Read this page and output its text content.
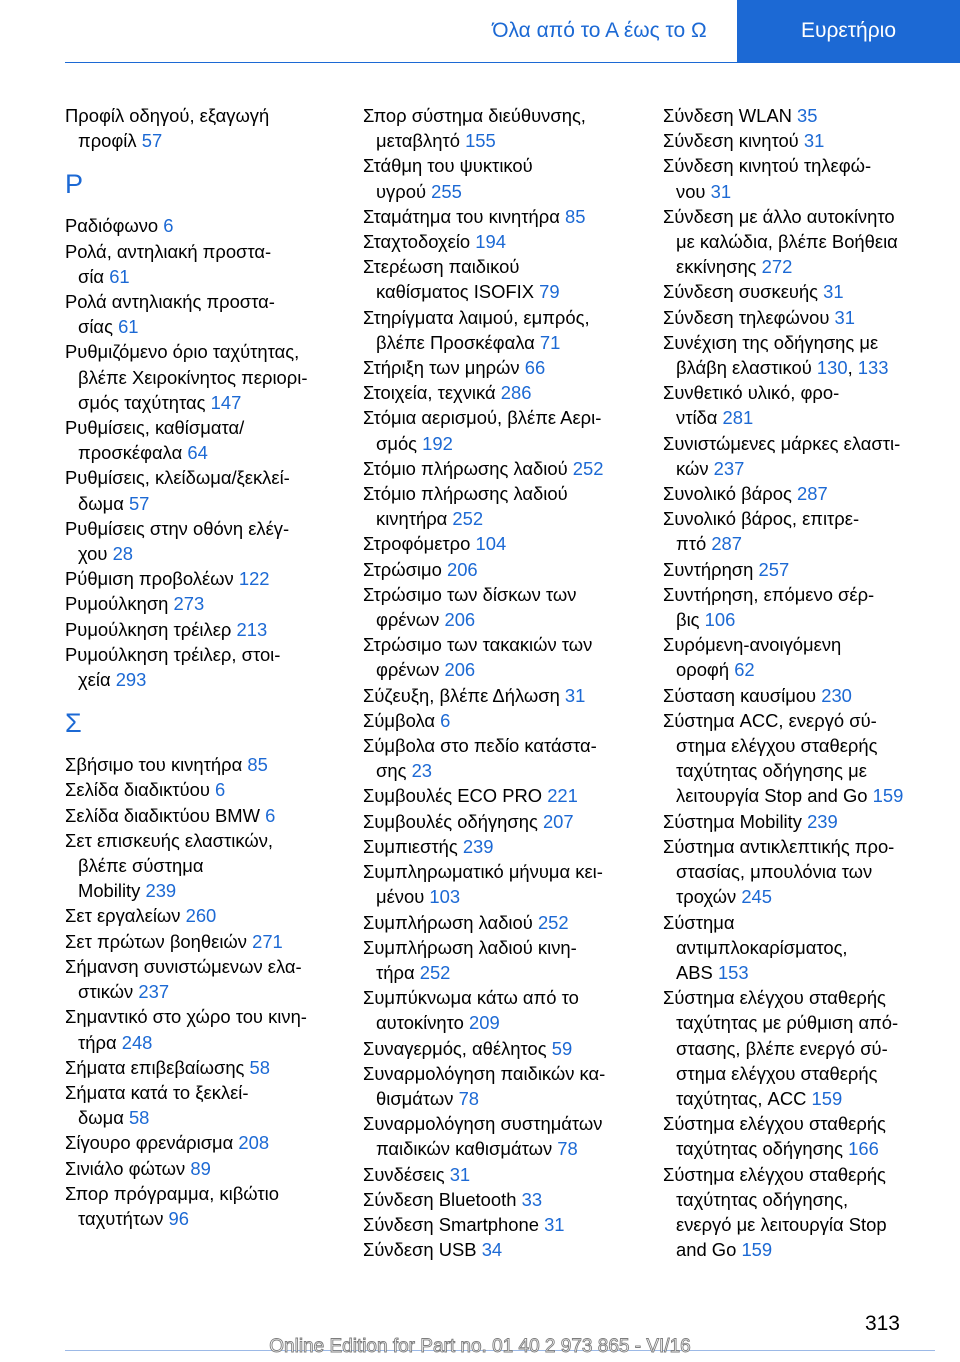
Όλα από το Α έως το Ω	Ευρετήριο
Προφίλ οδηγού, εξαγωγή
προφίλ 57
Ρ
Ραδιόφωνο 6
Ρολά, αντηλιακή προστα-
σία 61
Ρολά αντηλιακής προστα-
σίας 61
Ρυθμιζόμενο όριο ταχύτητας,
βλέπε Χειροκίνητος περιορι-
σμός ταχύτητας 147
Ρυθμίσεις, καθίσματα/
προσκέφαλα 64
Ρυθμίσεις, κλείδωμα/ξεκλεί-
δωμα 57
Ρυθμίσεις στην οθόνη ελέγ-
χου 28
Ρύθμιση προβολέων 122
Ρυμούλκηση 273
Ρυμούλκηση τρέιλερ 213
Ρυμούλκηση τρέιλερ, στοι-
χεία 293
Σ
Σβήσιμο του κινητήρα 85
Σελίδα διαδικτύου 6
Σελίδα διαδικτύου BMW 6
Σετ επισκευής ελαστικών,
βλέπε σύστημα
Mobility 239
Σετ εργαλείων 260
Σετ πρώτων βοηθειών 271
Σήμανση συνιστώμενων ελα-
στικών 237
Σημαντικό στο χώρο του κινη-
τήρα 248
Σήματα επιβεβαίωσης 58
Σήματα κατά το ξεκλεί-
δωμα 58
Σίγουρο φρενάρισμα 208
Σινιάλο φώτων 89
Σπορ πρόγραμμα, κιβώτιο
ταχυτήτων 96
Σπορ σύστημα διεύθυνσης,
μεταβλητό 155
Στάθμη του ψυκτικού
υγρού 255
Σταμάτημα του κινητήρα 85
Σταχτοδοχείο 194
Στερέωση παιδικού
καθίσματος ISOFIX 79
Στηρίγματα λαιμού, εμπρός,
βλέπε Προσκέφαλα 71
Στήριξη των μηρών 66
Στοιχεία, τεχνικά 286
Στόμια αερισμού, βλέπε Αερι-
σμός 192
Στόμιο πλήρωσης λαδιού 252
Στόμιο πλήρωσης λαδιού
κινητήρα 252
Στροφόμετρο 104
Στρώσιμο 206
Στρώσιμο των δίσκων των
φρένων 206
Στρώσιμο των τακακιών των
φρένων 206
Σύζευξη, βλέπε Δήλωση 31
Σύμβολα 6
Σύμβολα στο πεδίο κατάστα-
σης 23
Συμβουλές ECO PRO 221
Συμβουλές οδήγησης 207
Συμπιεστής 239
Συμπληρωματικό μήνυμα κει-
μένου 103
Συμπλήρωση λαδιού 252
Συμπλήρωση λαδιού κινη-
τήρα 252
Συμπύκνωμα κάτω από το
αυτοκίνητο 209
Συναγερμός, αθέλητος 59
Συναρμολόγηση παιδικών κα-
θισμάτων 78
Συναρμολόγηση συστημάτων
παιδικών καθισμάτων 78
Συνδέσεις 31
Σύνδεση Bluetooth 33
Σύνδεση Smartphone 31
Σύνδεση USB 34
Σύνδεση WLAN 35
Σύνδεση κινητού 31
Σύνδεση κινητού τηλεφώ-
νου 31
Σύνδεση με άλλο αυτοκίνητο
με καλώδια, βλέπε Βοήθεια
εκκίνησης 272
Σύνδεση συσκευής 31
Σύνδεση τηλεφώνου 31
Συνέχιση της οδήγησης με
βλάβη ελαστικού 130, 133
Συνθετικό υλικό, φρο-
ντίδα 281
Συνιστώμενες μάρκες ελαστι-
κών 237
Συνολικό βάρος 287
Συνολικό βάρος, επιτρε-
πτό 287
Συντήρηση 257
Συντήρηση, επόμενο σέρ-
βις 106
Συρόμενη-ανοιγόμενη
οροφή 62
Σύσταση καυσίμου 230
Σύστημα ACC, ενεργό σύ-
στημα ελέγχου σταθερής
ταχύτητας οδήγησης με
λειτουργία Stop and Go 159
Σύστημα Mobility 239
Σύστημα αντικλεπτικής προ-
στασίας, μπουλόνια των
τροχών 245
Σύστημα
αντιμπλοκαρίσματος,
ABS 153
Σύστημα ελέγχου σταθερής
ταχύτητας με ρύθμιση από-
στασης, βλέπε ενεργό σύ-
στημα ελέγχου σταθερής
ταχύτητας, ACC 159
Σύστημα ελέγχου σταθερής
ταχύτητας οδήγησης 166
Σύστημα ελέγχου σταθερής
ταχύτητας οδήγησης,
ενεργό με λειτουργία Stop
and Go 159
313
Online Edition for Part no. 01 40 2 973 865 - VI/16
